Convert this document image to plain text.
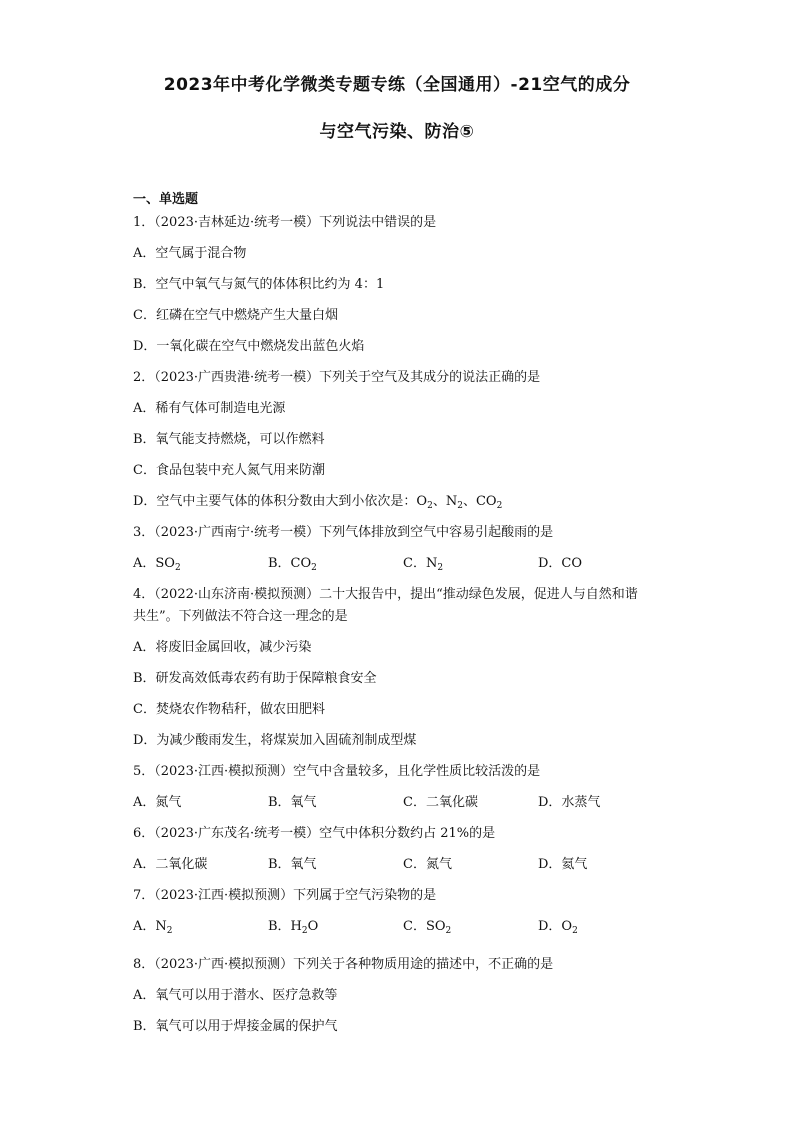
2023年中考化学微类专题专练（全国通用）-21空气的成分
与空气污染、防治⑤
一、单选题
1．（2023·吉林延边·统考一模）下列说法中错误的是
A．空气属于混合物
B．空气中氧气与氮气的体体积比约为 4：1
C．红磷在空气中燃烧产生大量白烟
D．一氧化碳在空气中燃烧发出蓝色火焰
2．（2023·广西贵港·统考一模）下列关于空气及其成分的说法正确的是
A．稀有气体可制造电光源
B．氧气能支持燃烧，可以作燃料
C．食品包装中充人氮气用来防潮
D．空气中主要气体的体积分数由大到小依次是：$O_2$、$N_2$、$CO_2$
3．（2023·广西南宁·统考一模）下列气体排放到空气中容易引起酸雨的是
A．$SO_2$	B．$CO_2$	C．$N_2$	D．CO
4．（2022·山东济南·模拟预测）二十大报告中，提出“推动绿色发展，促进人与自然和谐
共生”。下列做法不符合这一理念的是
A．将废旧金属回收，减少污染
B．研发高效低毒农药有助于保障粮食安全
C．焚烧农作物秸秆，做农田肥料
D．为减少酸雨发生，将煤炭加入固硫剂制成型煤
5．（2023·江西·模拟预测）空气中含量较多，且化学性质比较活泼的是
A．氮气	B．氧气	C．二氧化碳	D．水蒸气
6．（2023·广东茂名·统考一模）空气中体积分数约占 21%的是
A．二氧化碳	B．氧气	C．氮气	D．氦气
7．（2023·江西·模拟预测）下列属于空气污染物的是
A．$N_2$	B．$H_2O$	C．$SO_2$	D．$O_2$
8．（2023·广西·模拟预测）下列关于各种物质用途的描述中，不正确的是
A．氧气可以用于潜水、医疗急救等
B．氧气可以用于焊接金属的保护气
